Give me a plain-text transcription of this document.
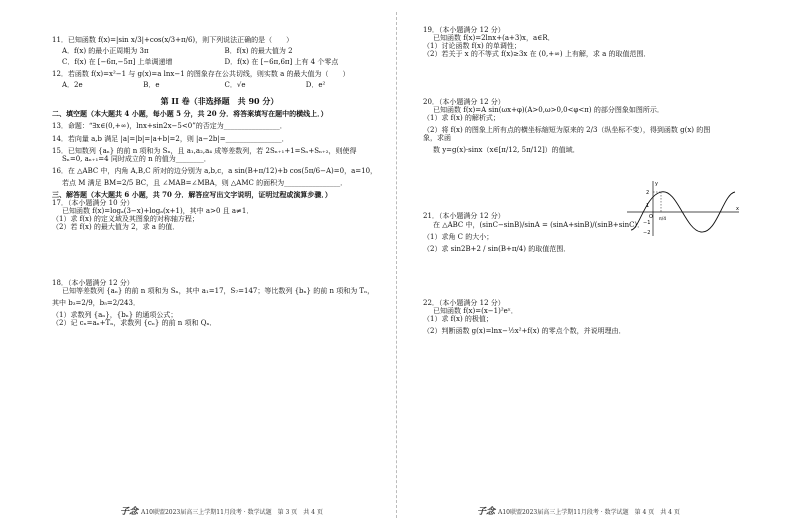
11．已知函数 f(x)=|sin x/3|+cos(x/3+π/6)，则下列说法正确的是（　　）

A．f(x) 的最小正周期为 3π	B．f(x) 的最大值为 2
C．f(x) 在 [−6π,−5π] 上单调递增	D．f(x) 在 [−6π,6π] 上有 4 个零点

12．若函数 f(x)=x²−1 与 g(x)=a lnx−1 的图象存在公共切线，则实数 a 的最大值为（　　）

A．2e	B．e	C．√e	D．e²
第 II 卷（非选择题　共 90 分）

二、填空题（本大题共 4 小题，每小题 5 分，共 20 分．将答案填写在题中的横线上．）

13．命题：“∃x∈(0,+∞)，lnx+sin2x−5<0”的否定为________________．

14．若向量 a,b 满足 |a|=|b|=|a+b|=2，则 |a−2b|=________________．

15．已知数列 {aₙ} 的前 n 项和为 Sₙ，且 a₁,a₂,a₄ 成等差数列，若 2Sₙ₊₁+1=Sₙ+Sₙ₊₂，则使得

Sₙ=0, aₙ₊₁=4 同时成立的 n 的值为________．

16．在 △ABC 中，内角 A,B,C 所对的边分别为 a,b,c，a sin(B+π/12)+b cos(5π/6−A)=0，a=10，

若点 M 满足 BM=2/5 BC，且 ∠MAB=∠MBA，则 △AMC 的面积为________________．

三、解答题（本大题共 6 小题，共 70 分．解答应写出文字说明，证明过程或演算步骤．）

17．（本小题满分 10 分）

已知函数 f(x)=logₐ(3−x)+logₐ(x+1)，其中 a>0 且 a≠1．

（1）求 f(x) 的定义域及其图象的对称轴方程；

（2）若 f(x) 的最大值为 2，求 a 的值．

18．（本小题满分 12 分）

已知等差数列 {aₙ} 的前 n 项和为 Sₙ，其中 a₁=17，S₇=147；等比数列 {bₙ} 的前 n 项和为 Tₙ，

其中 b₃=2/9，b₅=2/243．

（1）求数列 {aₙ}，{bₙ} 的通项公式；

（2）记 cₙ=aₙ+Tₙ，求数列 {cₙ} 的前 n 项和 Qₙ．

子念 A10联盟2023届高三上学期11月段考 · 数学试题　第 3 页　共 4 页

19．（本小题满分 12 分）

已知函数 f(x)=2lnx+(a+3)x，a∈R．

（1）讨论函数 f(x) 的单调性；

（2）若关于 x 的不等式 f(x)≥3x 在 (0,+∞) 上有解，求 a 的取值范围．

20．（本小题满分 12 分）

已知函数 f(x)=A sin(ωx+φ)(A>0,ω>0,0<φ<π) 的部分图象如图所示．

（1）求 f(x) 的解析式；

（2）将 f(x) 的图象上所有点的横坐标缩短为原来的 2/3（纵坐标不变），得到函数 g(x) 的图象，求函

数 y=g(x)·sinx（x∈[π/12, 5π/12]）的值域．

y
x
O
2
1
−1
−2
π/4

21．（本小题满分 12 分）

在 △ABC 中，(sinC−sinB)/sinA = (sinA+sinB)/(sinB+sinC)．

（1）求角 C 的大小；

（2）求 sin2B+2 / sin(B+π/4) 的取值范围．

22．（本小题满分 12 分）

已知函数 f(x)=(x−1)²eˣ．

（1）求 f(x) 的极值；

（2）判断函数 g(x)=lnx−½x²+f(x) 的零点个数，并说明理由．

子念 A10联盟2023届高三上学期11月段考 · 数学试题　第 4 页　共 4 页
